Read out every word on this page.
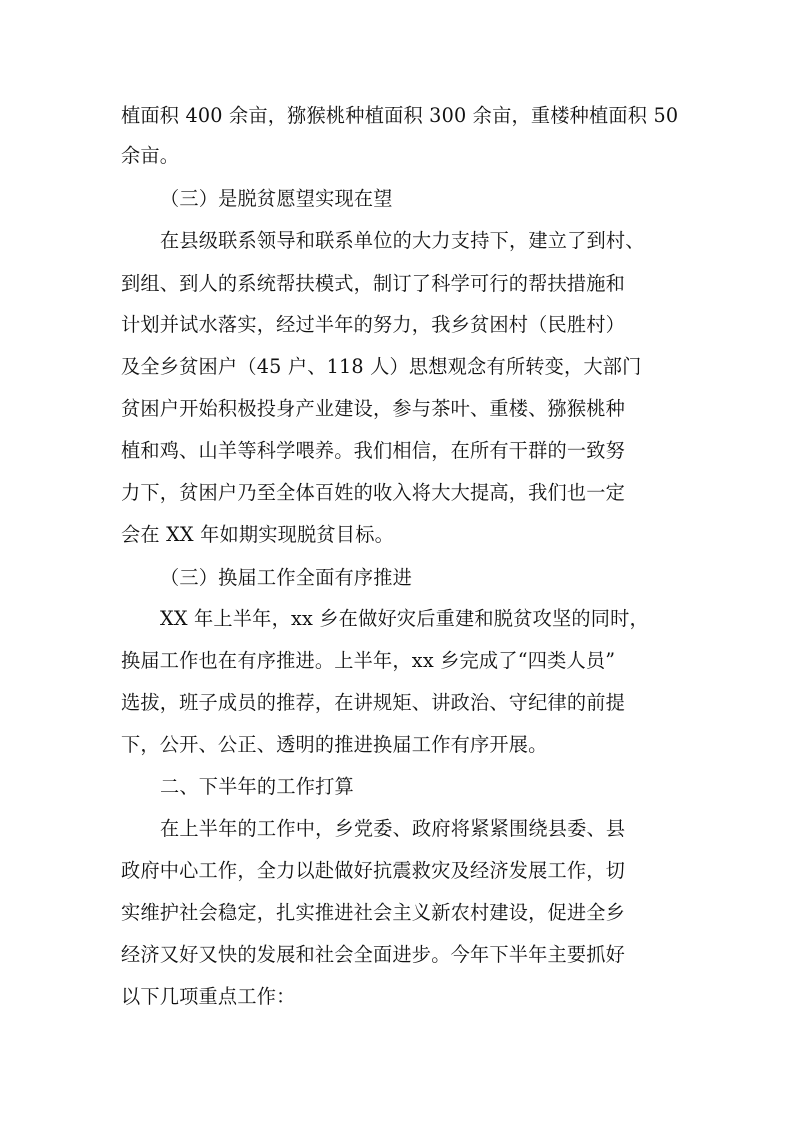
植面积 400 余亩，猕猴桃种植面积 300 余亩，重楼种植面积 50
余亩。
（三）是脱贫愿望实现在望
在县级联系领导和联系单位的大力支持下，建立了到村、
到组、到人的系统帮扶模式，制订了科学可行的帮扶措施和
计划并试水落实，经过半年的努力，我乡贫困村（民胜村）
及全乡贫困户（45 户、118 人）思想观念有所转变，大部门
贫困户开始积极投身产业建设，参与茶叶、重楼、猕猴桃种
植和鸡、山羊等科学喂养。我们相信，在所有干群的一致努
力下，贫困户乃至全体百姓的收入将大大提高，我们也一定
会在 XX 年如期实现脱贫目标。
（三）换届工作全面有序推进
XX 年上半年，xx 乡在做好灾后重建和脱贫攻坚的同时，
换届工作也在有序推进。上半年，xx 乡完成了“四类人员”
选拔，班子成员的推荐，在讲规矩、讲政治、守纪律的前提
下，公开、公正、透明的推进换届工作有序开展。
二、下半年的工作打算
在上半年的工作中，乡党委、政府将紧紧围绕县委、县
政府中心工作，全力以赴做好抗震救灾及经济发展工作，切
实维护社会稳定，扎实推进社会主义新农村建设，促进全乡
经济又好又快的发展和社会全面进步。今年下半年主要抓好
以下几项重点工作：
